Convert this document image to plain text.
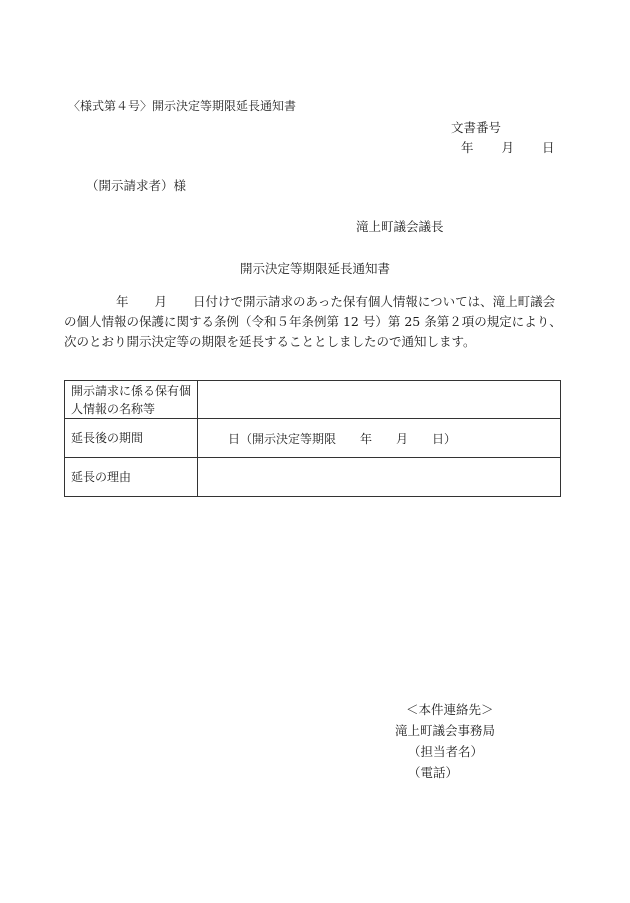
〈様式第４号〉開示決定等期限延長通知書
文書番号
年 月 日
（開示請求者）様
滝上町議会議長
開示決定等期限延長通知書
年 月 日付けで開示請求のあった保有個人情報については、滝上町議会の個人情報の保護に関する条例（令和５年条例第 12 号）第 25 条第２項の規定により、次のとおり開示決定等の期限を延長することとしましたので通知します。
開示請求に係る保有個人情報の名称等	
延長後の期間	日（開示決定等期限　　年　　月　　日）
延長の理由	
＜本件連絡先＞
滝上町議会事務局
（担当者名）
（電話）
